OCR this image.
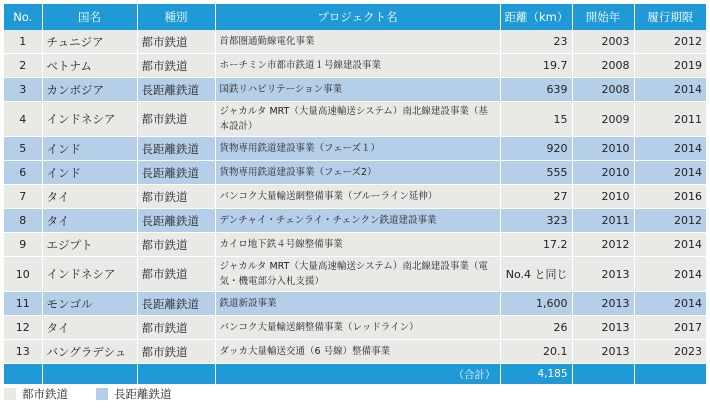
No.	国名	種別	プロジェクト名	距離（km）	開始年	履行期限
1	チュニジア	都市鉄道	首都圏通勤線電化事業	23	2003	2012
2	ベトナム	都市鉄道	ホーチミン市都市鉄道１号線建設事業	19.7	2008	2019
3	カンボジア	長距離鉄道	国鉄リハビリテーション事業	639	2008	2014
4	インドネシア	都市鉄道	ジャカルタ MRT（大量高速輸送システム）南北線建設事業（基本設計）	15	2009	2011
5	インド	長距離鉄道	貨物専用鉄道建設事業（フェーズ１）	920	2010	2014
6	インド	長距離鉄道	貨物専用鉄道建設事業（フェーズ2）	555	2010	2014
7	タイ	都市鉄道	バンコク大量輸送網整備事業（ブルーライン延伸）	27	2010	2016
8	タイ	長距離鉄道	デンチャイ・チェンライ・チェンクン鉄道建設事業	323	2011	2012
9	エジプト	都市鉄道	カイロ地下鉄４号線整備事業	17.2	2012	2014
10	インドネシア	都市鉄道	ジャカルタ MRT（大量高速輸送システム）南北線建設事業（電気・機電部分入札支援）	No.4 と同じ	2013	2014
11	モンゴル	長距離鉄道	鉄道新設事業	1,600	2013	2014
12	タイ	都市鉄道	バンコク大量輸送網整備事業（レッドライン）	26	2013	2017
13	バングラデシュ	都市鉄道	ダッカ大量輸送交通（6 号線）整備事業	20.1	2013	2023
			（合計）	4,185		
都市鉄道	長距離鉄道
